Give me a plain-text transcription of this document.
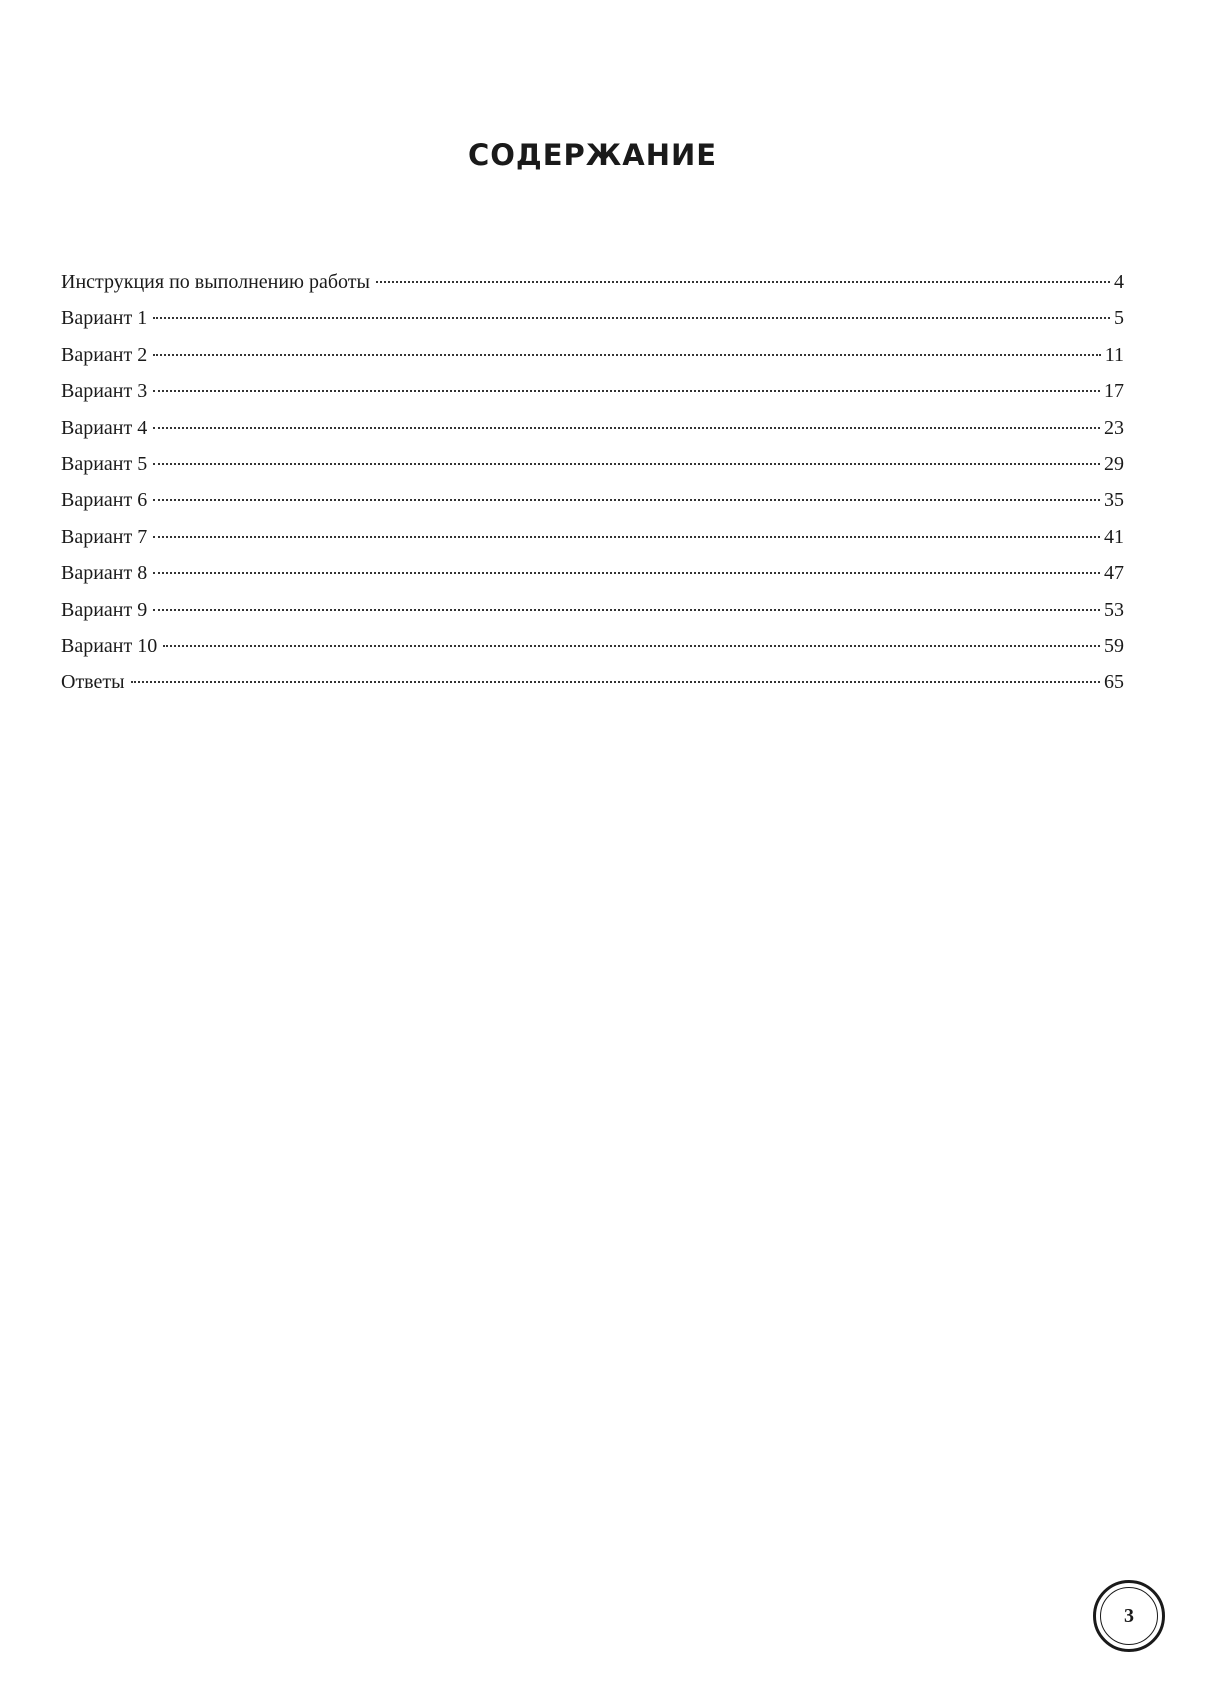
СОДЕРЖАНИЕ
Инструкция по выполнению работы	4
Вариант 1	5
Вариант 2	11
Вариант 3	17
Вариант 4	23
Вариант 5	29
Вариант 6	35
Вариант 7	41
Вариант 8	47
Вариант 9	53
Вариант 10	59
Ответы	65
3
